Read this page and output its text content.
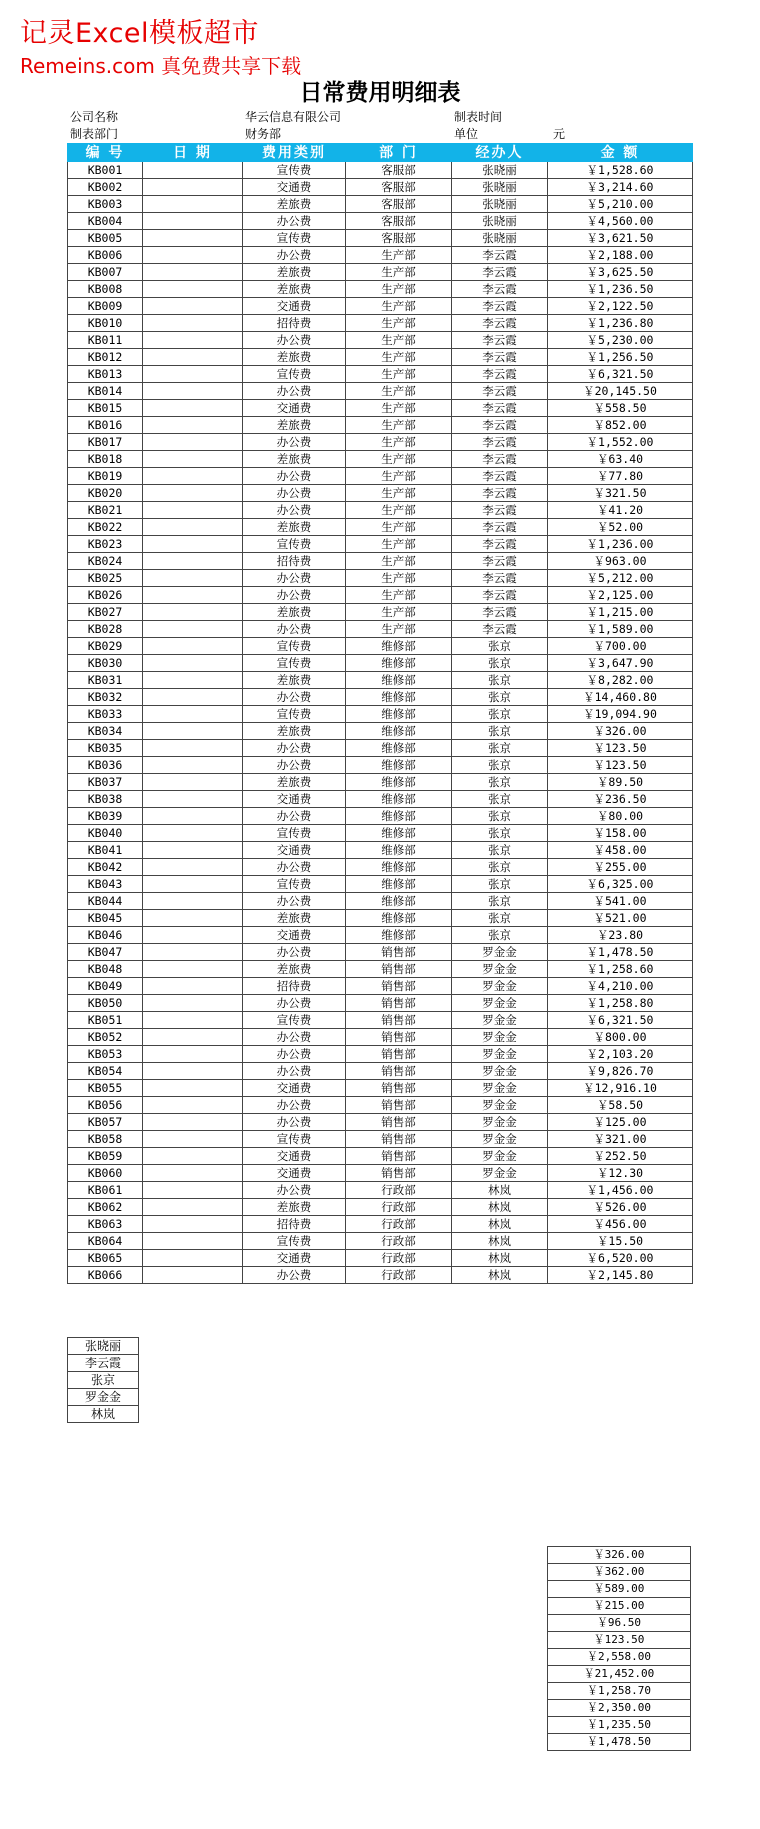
记灵Excel模板超市
Remeins.com 真免费共享下载
日常费用明细表
公司名称	华云信息有限公司	制表时间
制表部门	财务部	单位	元
编 号	日 期	费用类别	部 门	经办人	金 额
KB001		宣传费	客服部	张晓丽	￥1,528.60
KB002		交通费	客服部	张晓丽	￥3,214.60
KB003		差旅费	客服部	张晓丽	￥5,210.00
KB004		办公费	客服部	张晓丽	￥4,560.00
KB005		宣传费	客服部	张晓丽	￥3,621.50
KB006		办公费	生产部	李云霞	￥2,188.00
KB007		差旅费	生产部	李云霞	￥3,625.50
KB008		差旅费	生产部	李云霞	￥1,236.50
KB009		交通费	生产部	李云霞	￥2,122.50
KB010		招待费	生产部	李云霞	￥1,236.80
KB011		办公费	生产部	李云霞	￥5,230.00
KB012		差旅费	生产部	李云霞	￥1,256.50
KB013		宣传费	生产部	李云霞	￥6,321.50
KB014		办公费	生产部	李云霞	￥20,145.50
KB015		交通费	生产部	李云霞	￥558.50
KB016		差旅费	生产部	李云霞	￥852.00
KB017		办公费	生产部	李云霞	￥1,552.00
KB018		差旅费	生产部	李云霞	￥63.40
KB019		办公费	生产部	李云霞	￥77.80
KB020		办公费	生产部	李云霞	￥321.50
KB021		办公费	生产部	李云霞	￥41.20
KB022		差旅费	生产部	李云霞	￥52.00
KB023		宣传费	生产部	李云霞	￥1,236.00
KB024		招待费	生产部	李云霞	￥963.00
KB025		办公费	生产部	李云霞	￥5,212.00
KB026		办公费	生产部	李云霞	￥2,125.00
KB027		差旅费	生产部	李云霞	￥1,215.00
KB028		办公费	生产部	李云霞	￥1,589.00
KB029		宣传费	维修部	张京	￥700.00
KB030		宣传费	维修部	张京	￥3,647.90
KB031		差旅费	维修部	张京	￥8,282.00
KB032		办公费	维修部	张京	￥14,460.80
KB033		宣传费	维修部	张京	￥19,094.90
KB034		差旅费	维修部	张京	￥326.00
KB035		办公费	维修部	张京	￥123.50
KB036		办公费	维修部	张京	￥123.50
KB037		差旅费	维修部	张京	￥89.50
KB038		交通费	维修部	张京	￥236.50
KB039		办公费	维修部	张京	￥80.00
KB040		宣传费	维修部	张京	￥158.00
KB041		交通费	维修部	张京	￥458.00
KB042		办公费	维修部	张京	￥255.00
KB043		宣传费	维修部	张京	￥6,325.00
KB044		办公费	维修部	张京	￥541.00
KB045		差旅费	维修部	张京	￥521.00
KB046		交通费	维修部	张京	￥23.80
KB047		办公费	销售部	罗金金	￥1,478.50
KB048		差旅费	销售部	罗金金	￥1,258.60
KB049		招待费	销售部	罗金金	￥4,210.00
KB050		办公费	销售部	罗金金	￥1,258.80
KB051		宣传费	销售部	罗金金	￥6,321.50
KB052		办公费	销售部	罗金金	￥800.00
KB053		办公费	销售部	罗金金	￥2,103.20
KB054		办公费	销售部	罗金金	￥9,826.70
KB055		交通费	销售部	罗金金	￥12,916.10
KB056		办公费	销售部	罗金金	￥58.50
KB057		办公费	销售部	罗金金	￥125.00
KB058		宣传费	销售部	罗金金	￥321.00
KB059		交通费	销售部	罗金金	￥252.50
KB060		交通费	销售部	罗金金	￥12.30
KB061		办公费	行政部	林岚	￥1,456.00
KB062		差旅费	行政部	林岚	￥526.00
KB063		招待费	行政部	林岚	￥456.00
KB064		宣传费	行政部	林岚	￥15.50
KB065		交通费	行政部	林岚	￥6,520.00
KB066		办公费	行政部	林岚	￥2,145.80
张晓丽
李云霞
张京
罗金金
林岚
￥326.00
￥362.00
￥589.00
￥215.00
￥96.50
￥123.50
￥2,558.00
￥21,452.00
￥1,258.70
￥2,350.00
￥1,235.50
￥1,478.50
